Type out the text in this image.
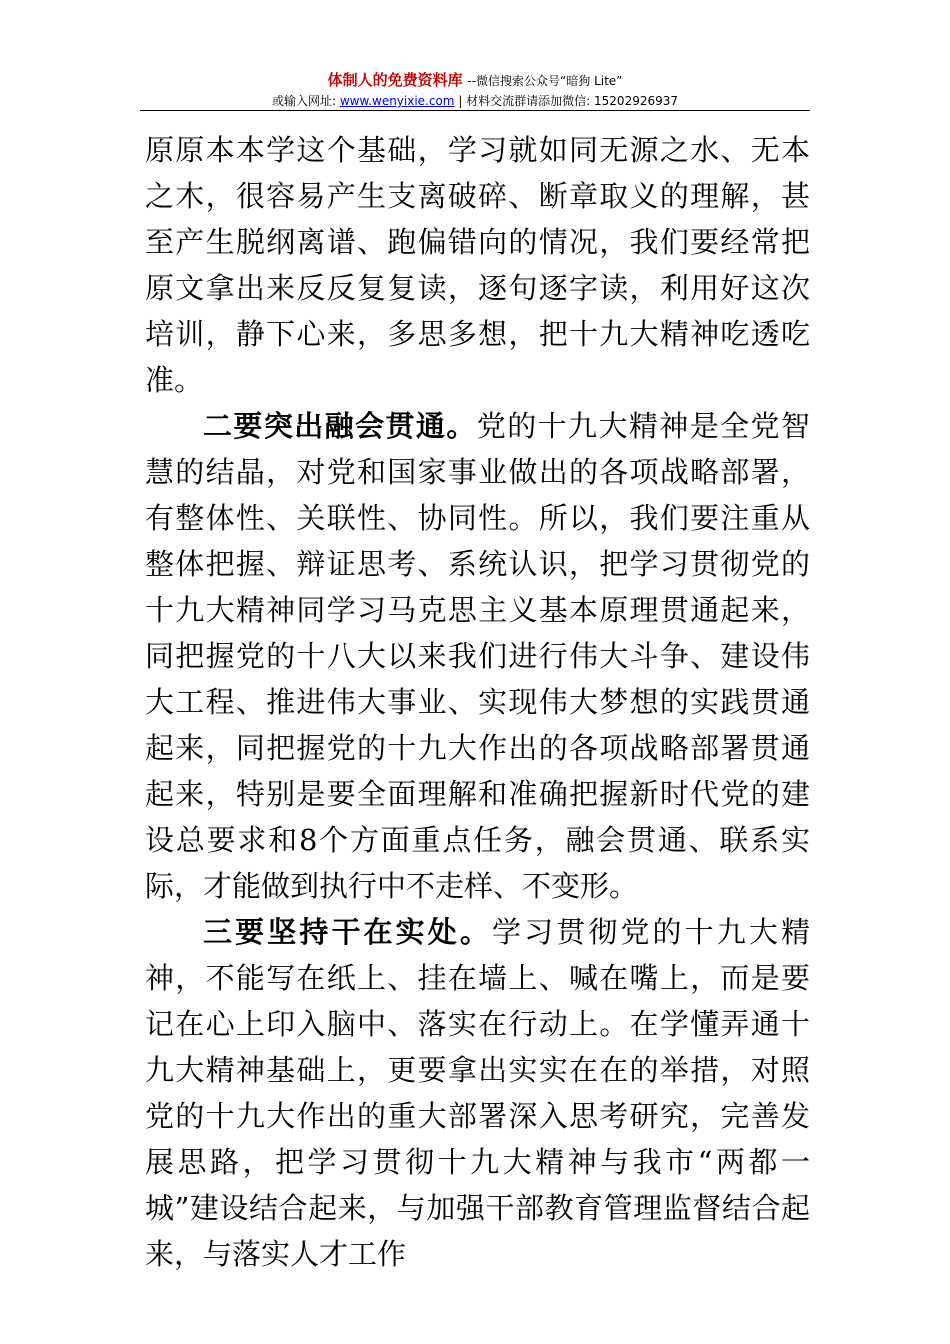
体制人的免费资料库 --微信搜索公众号“暗狗 Lite”
或输入网址: www.wenyixie.com | 材料交流群请添加微信: 15202926937

原原本本学这个基础，学习就如同无源之水、无本之木，很容易产生支离破碎、断章取义的理解，甚至产生脱纲离谱、跑偏错向的情况，我们要经常把原文拿出来反反复复读，逐句逐字读，利用好这次培训，静下心来，多思多想，把十九大精神吃透吃准。

二要突出融会贯通。党的十九大精神是全党智慧的结晶，对党和国家事业做出的各项战略部署，有整体性、关联性、协同性。所以，我们要注重从整体把握、辩证思考、系统认识，把学习贯彻党的十九大精神同学习马克思主义基本原理贯通起来，同把握党的十八大以来我们进行伟大斗争、建设伟大工程、推进伟大事业、实现伟大梦想的实践贯通起来，同把握党的十九大作出的各项战略部署贯通起来，特别是要全面理解和准确把握新时代党的建设总要求和8个方面重点任务，融会贯通、联系实际，才能做到执行中不走样、不变形。

三要坚持干在实处。学习贯彻党的十九大精神，不能写在纸上、挂在墙上、喊在嘴上，而是要记在心上印入脑中、落实在行动上。在学懂弄通十九大精神基础上，更要拿出实实在在的举措，对照党的十九大作出的重大部署深入思考研究，完善发展思路，把学习贯彻十九大精神与我市“两都一城”建设结合起来，与加强干部教育管理监督结合起来，与落实人才工作
